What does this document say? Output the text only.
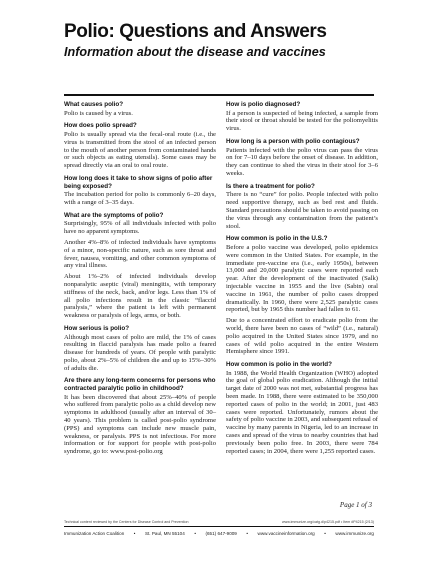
Polio: Questions and Answers
Information about the disease and vaccines
What causes polio?
Polio is caused by a virus.
How does polio spread?
Polio is usually spread via the fecal-oral route (i.e., the virus is transmitted from the stool of an infected person to the mouth of another person from contaminated hands or such objects as eating utensils). Some cases may be spread directly via an oral to oral route.
How long does it take to show signs of polio after being exposed?
The incubation period for polio is commonly 6–20 days, with a range of 3–35 days.
What are the symptoms of polio?
Surprisingly, 95% of all individuals infected with polio have no apparent symptoms.
Another 4%–8% of infected individuals have symptoms of a minor, non-specific nature, such as sore throat and fever, nausea, vomiting, and other common symptoms of any viral illness.
About 1%–2% of infected individuals develop nonparalytic aseptic (viral) meningitis, with temporary stiffness of the neck, back, and/or legs. Less than 1% of all polio infections result in the classic “flaccid paralysis,” where the patient is left with permanent weakness or paralysis of legs, arms, or both.
How serious is polio?
Although most cases of polio are mild, the 1% of cases resulting in flaccid paralysis has made polio a feared disease for hundreds of years. Of people with paralytic polio, about 2%–5% of children die and up to 15%–30% of adults die.
Are there any long-term concerns for persons who contracted paralytic polio in childhood?
It has been discovered that about 25%–40% of people who suffered from paralytic polio as a child develop new symptoms in adulthood (usually after an interval of 30–40 years). This problem is called post-polio syndrome (PPS) and symptoms can include new muscle pain, weakness, or paralysis. PPS is not infectious. For more information or for support for people with post-polio syndrome, go to: www.post-polio.org
How is polio diagnosed?
If a person is suspected of being infected, a sample from their stool or throat should be tested for the poliomyelitis virus.
How long is a person with polio contagious?
Patients infected with the polio virus can pass the virus on for 7–10 days before the onset of disease. In addition, they can continue to shed the virus in their stool for 3–6 weeks.
Is there a treatment for polio?
There is no “cure” for polio. People infected with polio need supportive therapy, such as bed rest and fluids. Standard precautions should be taken to avoid passing on the virus through any contamination from the patient’s stool.
How common is polio in the U.S.?
Before a polio vaccine was developed, polio epidemics were common in the United States. For example, in the immediate pre-vaccine era (i.e., early 1950s), between 13,000 and 20,000 paralytic cases were reported each year. After the development of the inactivated (Salk) injectable vaccine in 1955 and the live (Sabin) oral vaccine in 1961, the number of polio cases dropped dramatically. In 1960, there were 2,525 paralytic cases reported, but by 1965 this number had fallen to 61.
Due to a concentrated effort to eradicate polio from the world, there have been no cases of “wild” (i.e., natural) polio acquired in the United States since 1979, and no cases of wild polio acquired in the entire Western Hemisphere since 1991.
How common is polio in the world?
In 1988, the World Health Organization (WHO) adopted the goal of global polio eradication. Although the initial target date of 2000 was not met, substantial progress has been made. In 1988, there were estimated to be 350,000 reported cases of polio in the world; in 2001, just 483 cases were reported. Unfortunately, rumors about the safety of polio vaccine in 2003, and subsequent refusal of vaccine by many parents in Nigeria, led to an increase in cases and spread of the virus to nearby countries that had previously been polio free. In 2003, there were 784 reported cases; in 2004, there were 1,255 reported cases.
Page 1 of 3
Technical content reviewed by the Centers for Disease Control and Prevention	www.immunize.org/catg.d/p4215.pdf • Item #P4215 (2/13)
Immunization Action Coalition • St. Paul, MN 55104 • (651) 647-9009 • www.vaccineinformation.org • www.immunize.org
